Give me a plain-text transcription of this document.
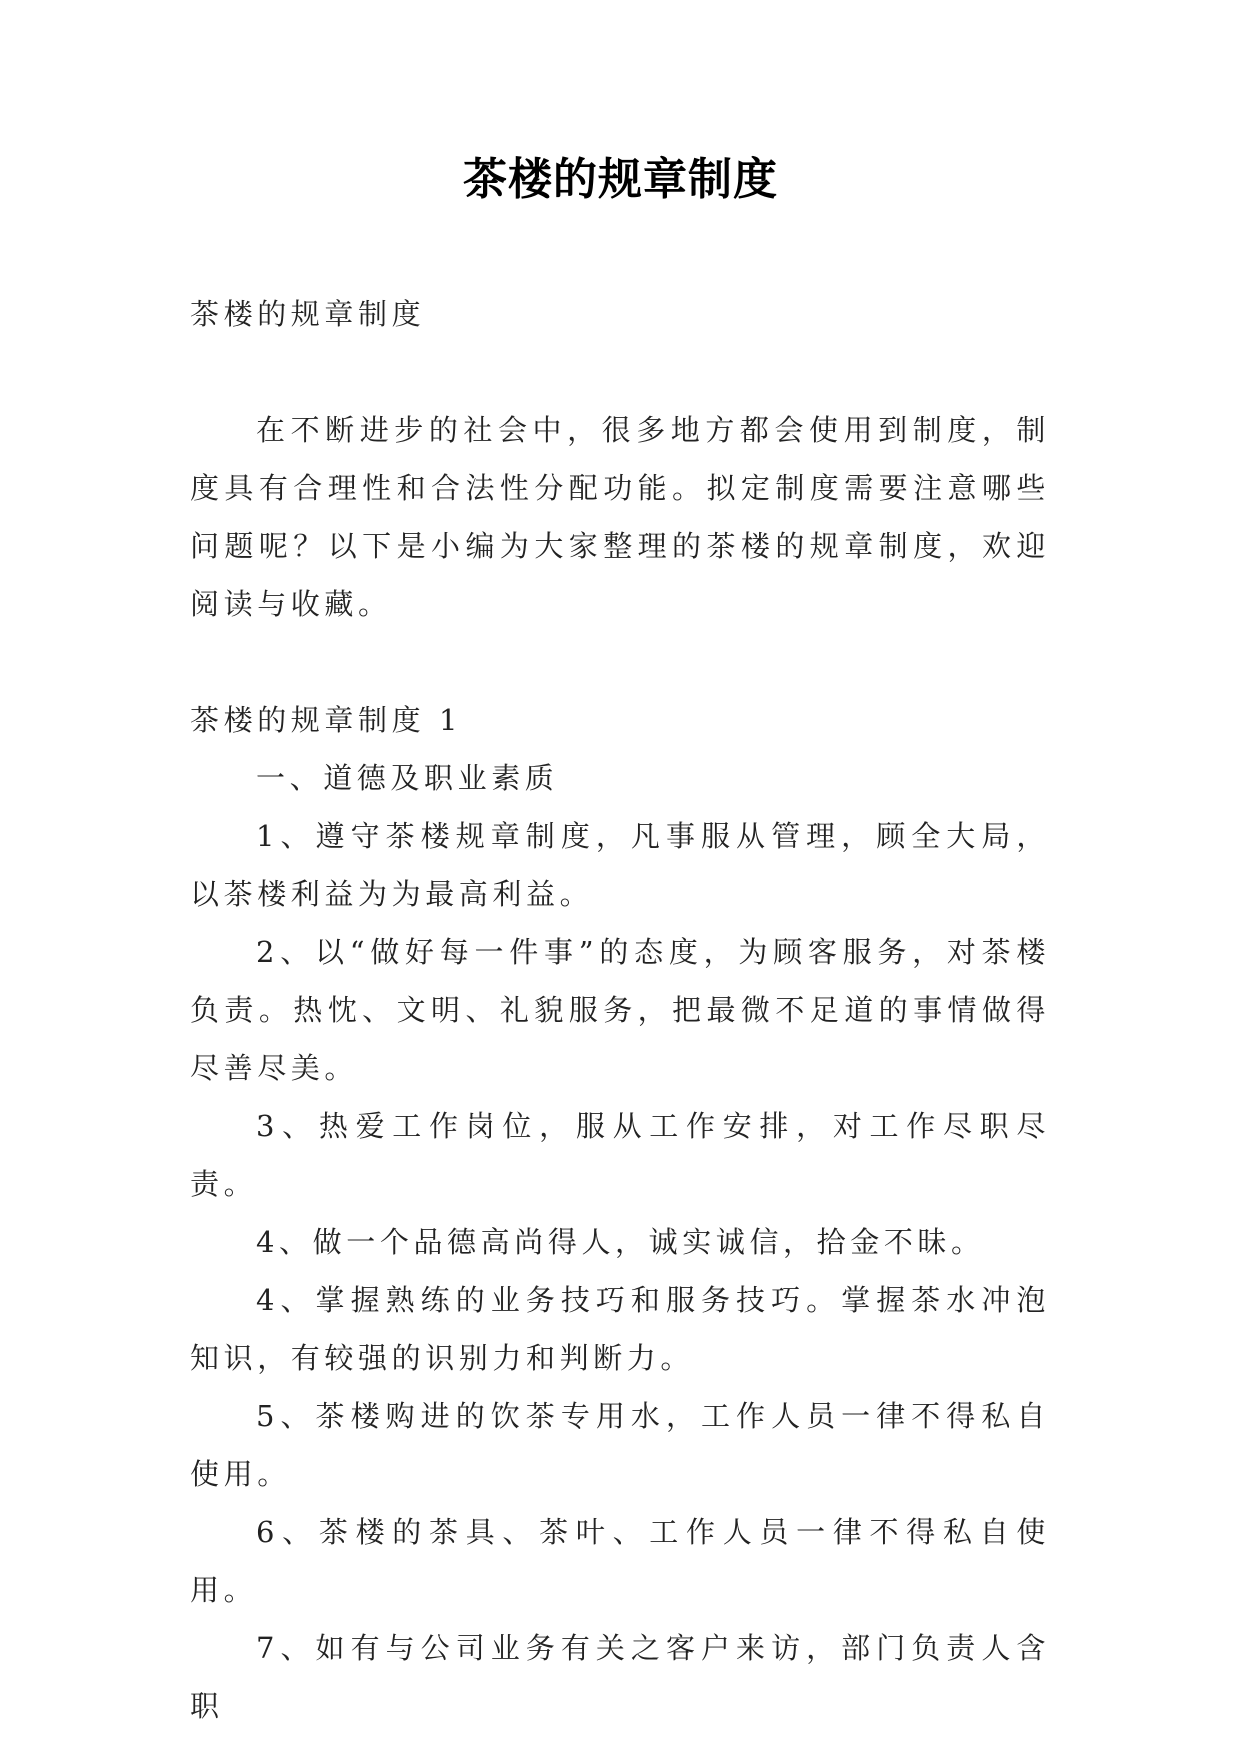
茶楼的规章制度

茶楼的规章制度

在不断进步的社会中，很多地方都会使用到制度，制度具有合理性和合法性分配功能。拟定制度需要注意哪些问题呢？以下是小编为大家整理的茶楼的规章制度，欢迎阅读与收藏。

茶楼的规章制度 1

一、道德及职业素质

1、遵守茶楼规章制度，凡事服从管理，顾全大局，以茶楼利益为为最高利益。

2、以“做好每一件事”的态度，为顾客服务，对茶楼负责。热忱、文明、礼貌服务，把最微不足道的事情做得尽善尽美。

3、热爱工作岗位，服从工作安排，对工作尽职尽责。

4、做一个品德高尚得人，诚实诚信，拾金不昧。

4、掌握熟练的业务技巧和服务技巧。掌握茶水冲泡知识，有较强的识别力和判断力。

5、茶楼购进的饮茶专用水，工作人员一律不得私自使用。

6、茶楼的茶具、茶叶、工作人员一律不得私自使用。

7、如有与公司业务有关之客户来访，部门负责人含职
